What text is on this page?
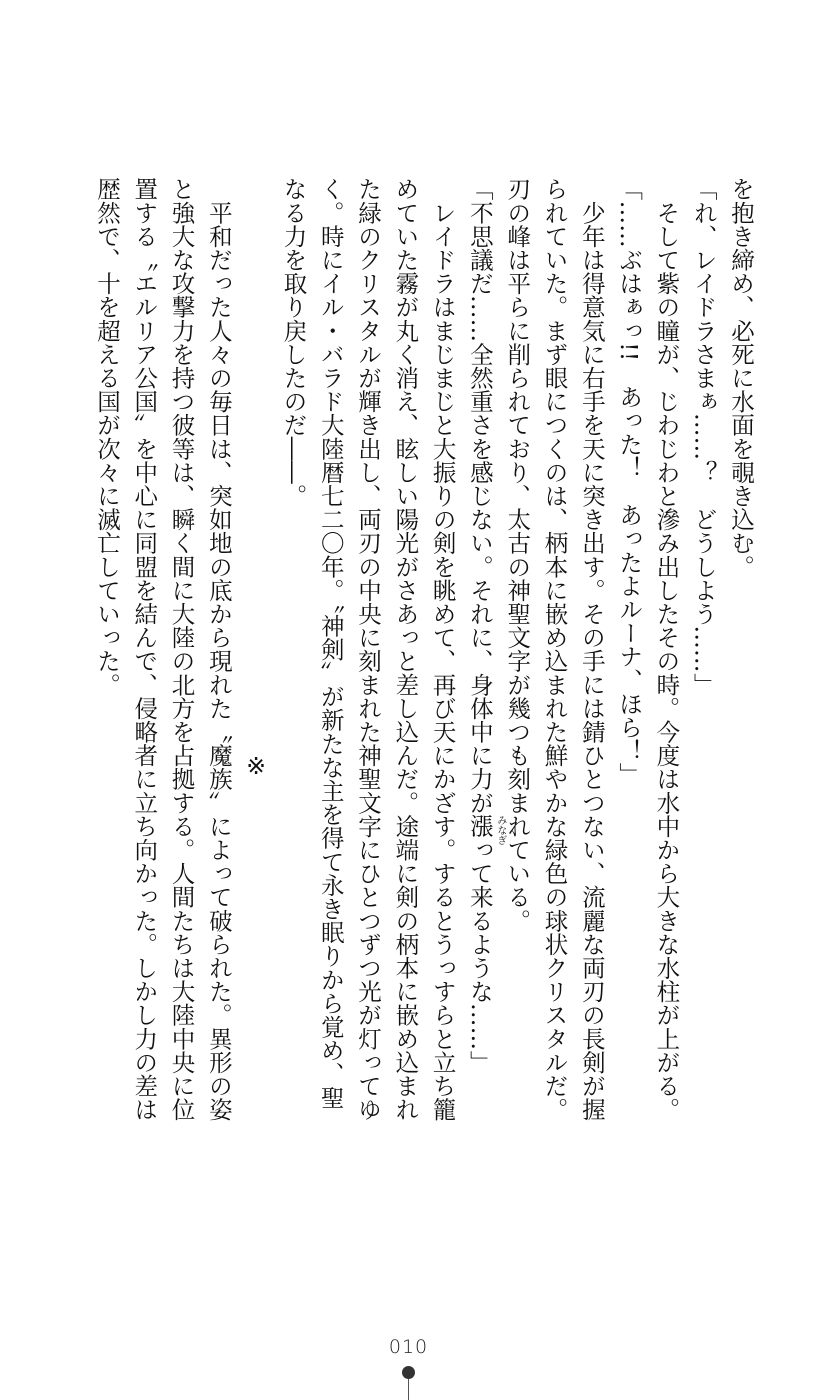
を抱き締め、必死に水面を覗き込む。
「れ、レイドラさまぁ……？　どうしよう……」
　そして紫の瞳が、じわじわと滲み出したその時。今度は水中から大きな水柱が上がる。
「……ぶはぁっ!!　あった！　あったよルーナ、ほら！」
　少年は得意気に右手を天に突き出す。その手には錆ひとつない、流麗な両刃の長剣が握
られていた。まず眼につくのは、柄本に嵌め込まれた鮮やかな緑色の球状クリスタルだ。
刃の峰は平らに削られており、太古の神聖文字が幾つも刻まれている。
「不思議だ……全然重さを感じない。それに、身体中に力が漲 みなぎ
って来るような……」
　レイドラはまじまじと大振りの剣を眺めて、再び天にかざす。するとうっすらと立ち籠
めていた霧が丸く消え、眩しい陽光がさあっと差し込んだ。途端に剣の柄本に嵌め込まれ
た緑のクリスタルが輝き出し、両刃の中央に刻まれた神聖文字にひとつずつ光が灯ってゆ
く。時にイル・バラド大陸暦七二〇年。〝神剣〟が新たな主を得て永き眠りから覚め、聖
なる力を取り戻したのだ――。
※
　平和だった人々の毎日は、突如地の底から現れた〝魔族〟によって破られた。異形の姿
と強大な攻撃力を持つ彼等は、瞬く間に大陸の北方を占拠する。人間たちは大陸中央に位
置する〝エルリア公国〟を中心に同盟を結んで、侵略者に立ち向かった。しかし力の差は
歴然で、十を超える国が次々に滅亡していった。
010
